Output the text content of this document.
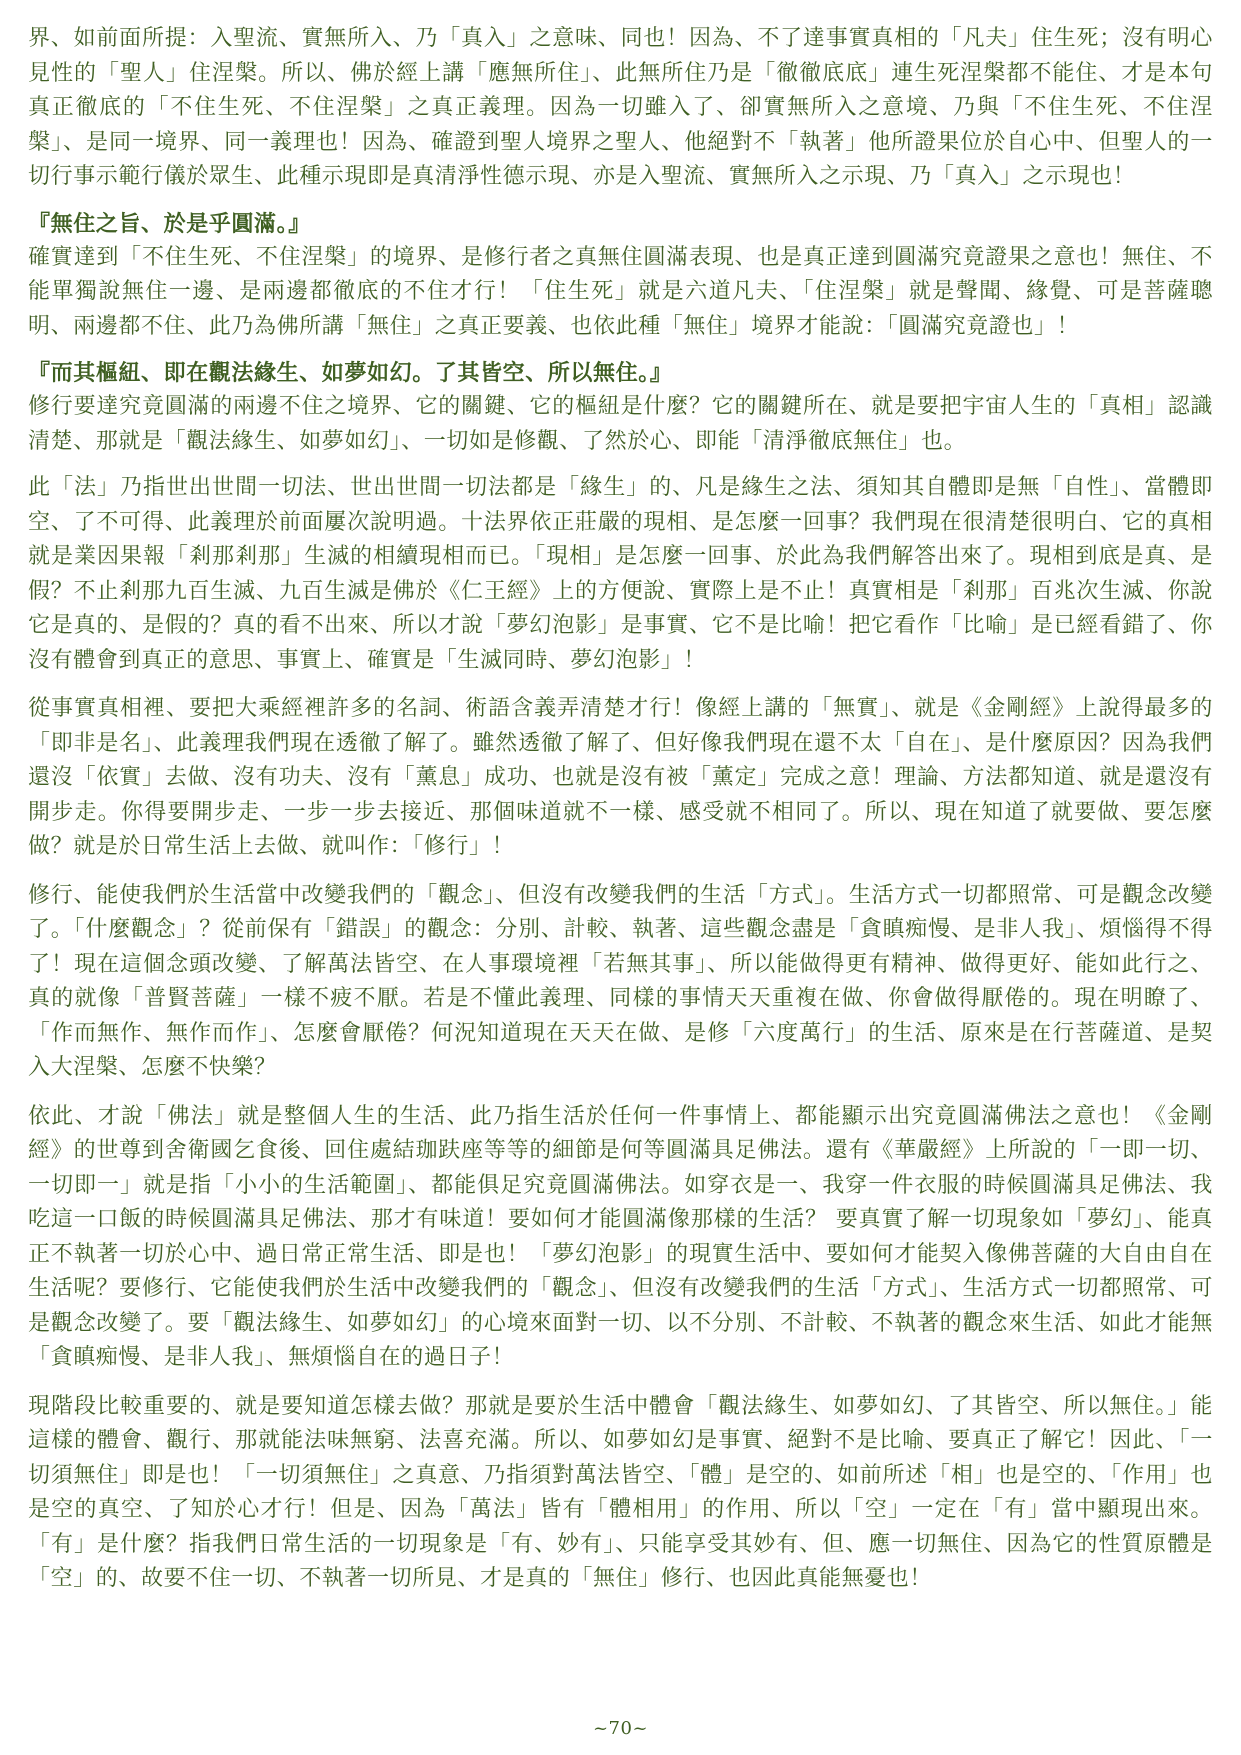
界、如前面所提：入聖流、實無所入、乃「真入」之意味、同也！因為、不了達事實真相的「凡夫」住生死；沒有明心見性的「聖人」住涅槃。所以、佛於經上講「應無所住」、此無所住乃是「徹徹底底」連生死涅槃都不能住、才是本句真正徹底的「不住生死、不住涅槃」之真正義理。因為一切雖入了、卻實無所入之意境、乃與「不住生死、不住涅槃」、是同一境界、同一義理也！因為、確證到聖人境界之聖人、他絕對不「執著」他所證果位於自心中、但聖人的一切行事示範行儀於眾生、此種示現即是真清淨性德示現、亦是入聖流、實無所入之示現、乃「真入」之示現也！

『無住之旨、於是乎圓滿。』

確實達到「不住生死、不住涅槃」的境界、是修行者之真無住圓滿表現、也是真正達到圓滿究竟證果之意也！無住、不能單獨說無住一邊、是兩邊都徹底的不住才行！「住生死」就是六道凡夫、「住涅槃」就是聲聞、緣覺、可是菩薩聰明、兩邊都不住、此乃為佛所講「無住」之真正要義、也依此種「無住」境界才能說：「圓滿究竟證也」！

『而其樞紐、即在觀法緣生、如夢如幻。了其皆空、所以無住。』

修行要達究竟圓滿的兩邊不住之境界、它的關鍵、它的樞紐是什麼？它的關鍵所在、就是要把宇宙人生的「真相」認識清楚、那就是「觀法緣生、如夢如幻」、一切如是修觀、了然於心、即能「清淨徹底無住」也。

此「法」乃指世出世間一切法、世出世間一切法都是「緣生」的、凡是緣生之法、須知其自體即是無「自性」、當體即空、了不可得、此義理於前面屢次說明過。十法界依正莊嚴的現相、是怎麼一回事？我們現在很清楚很明白、它的真相就是業因果報「剎那剎那」生滅的相續現相而已。「現相」是怎麼一回事、於此為我們解答出來了。現相到底是真、是假？不止剎那九百生滅、九百生滅是佛於《仁王經》上的方便說、實際上是不止！真實相是「剎那」百兆次生滅、你說它是真的、是假的？真的看不出來、所以才說「夢幻泡影」是事實、它不是比喻！把它看作「比喻」是已經看錯了、你沒有體會到真正的意思、事實上、確實是「生滅同時、夢幻泡影」！

從事實真相裡、要把大乘經裡許多的名詞、術語含義弄清楚才行！像經上講的「無實」、就是《金剛經》上說得最多的「即非是名」、此義理我們現在透徹了解了。雖然透徹了解了、但好像我們現在還不太「自在」、是什麼原因？因為我們還沒「依實」去做、沒有功夫、沒有「薰息」成功、也就是沒有被「薰定」完成之意！理論、方法都知道、就是還沒有開步走。你得要開步走、一步一步去接近、那個味道就不一樣、感受就不相同了。所以、現在知道了就要做、要怎麼做？就是於日常生活上去做、就叫作：「修行」！

修行、能使我們於生活當中改變我們的「觀念」、但沒有改變我們的生活「方式」。生活方式一切都照常、可是觀念改變了。「什麼觀念」？從前保有「錯誤」的觀念：分別、計較、執著、這些觀念盡是「貪瞋痴慢、是非人我」、煩惱得不得了！現在這個念頭改變、了解萬法皆空、在人事環境裡「若無其事」、所以能做得更有精神、做得更好、能如此行之、真的就像「普賢菩薩」一樣不疲不厭。若是不懂此義理、同樣的事情天天重複在做、你會做得厭倦的。現在明瞭了、「作而無作、無作而作」、怎麼會厭倦？何況知道現在天天在做、是修「六度萬行」的生活、原來是在行菩薩道、是契入大涅槃、怎麼不快樂？

依此、才說「佛法」就是整個人生的生活、此乃指生活於任何一件事情上、都能顯示出究竟圓滿佛法之意也！《金剛經》的世尊到舍衛國乞食後、回住處結珈趺座等等的細節是何等圓滿具足佛法。還有《華嚴經》上所說的「一即一切、一切即一」就是指「小小的生活範圍」、都能俱足究竟圓滿佛法。如穿衣是一、我穿一件衣服的時候圓滿具足佛法、我吃這一口飯的時候圓滿具足佛法、那才有味道！要如何才能圓滿像那樣的生活？ 要真實了解一切現象如「夢幻」、能真正不執著一切於心中、過日常正常生活、即是也！「夢幻泡影」的現實生活中、要如何才能契入像佛菩薩的大自由自在生活呢？要修行、它能使我們於生活中改變我們的「觀念」、但沒有改變我們的生活「方式」、生活方式一切都照常、可是觀念改變了。要「觀法緣生、如夢如幻」的心境來面對一切、以不分別、不計較、不執著的觀念來生活、如此才能無「貪瞋痴慢、是非人我」、無煩惱自在的過日子！

現階段比較重要的、就是要知道怎樣去做？那就是要於生活中體會「觀法緣生、如夢如幻、了其皆空、所以無住。」能這樣的體會、觀行、那就能法味無窮、法喜充滿。所以、如夢如幻是事實、絕對不是比喻、要真正了解它！因此、「一切須無住」即是也！「一切須無住」之真意、乃指須對萬法皆空、「體」是空的、如前所述「相」也是空的、「作用」也是空的真空、了知於心才行！但是、因為「萬法」皆有「體相用」的作用、所以「空」一定在「有」當中顯現出來。「有」是什麼？指我們日常生活的一切現象是「有、妙有」、只能享受其妙有、但、應一切無住、因為它的性質原體是「空」的、故要不住一切、不執著一切所見、才是真的「無住」修行、也因此真能無憂也！

~70~
